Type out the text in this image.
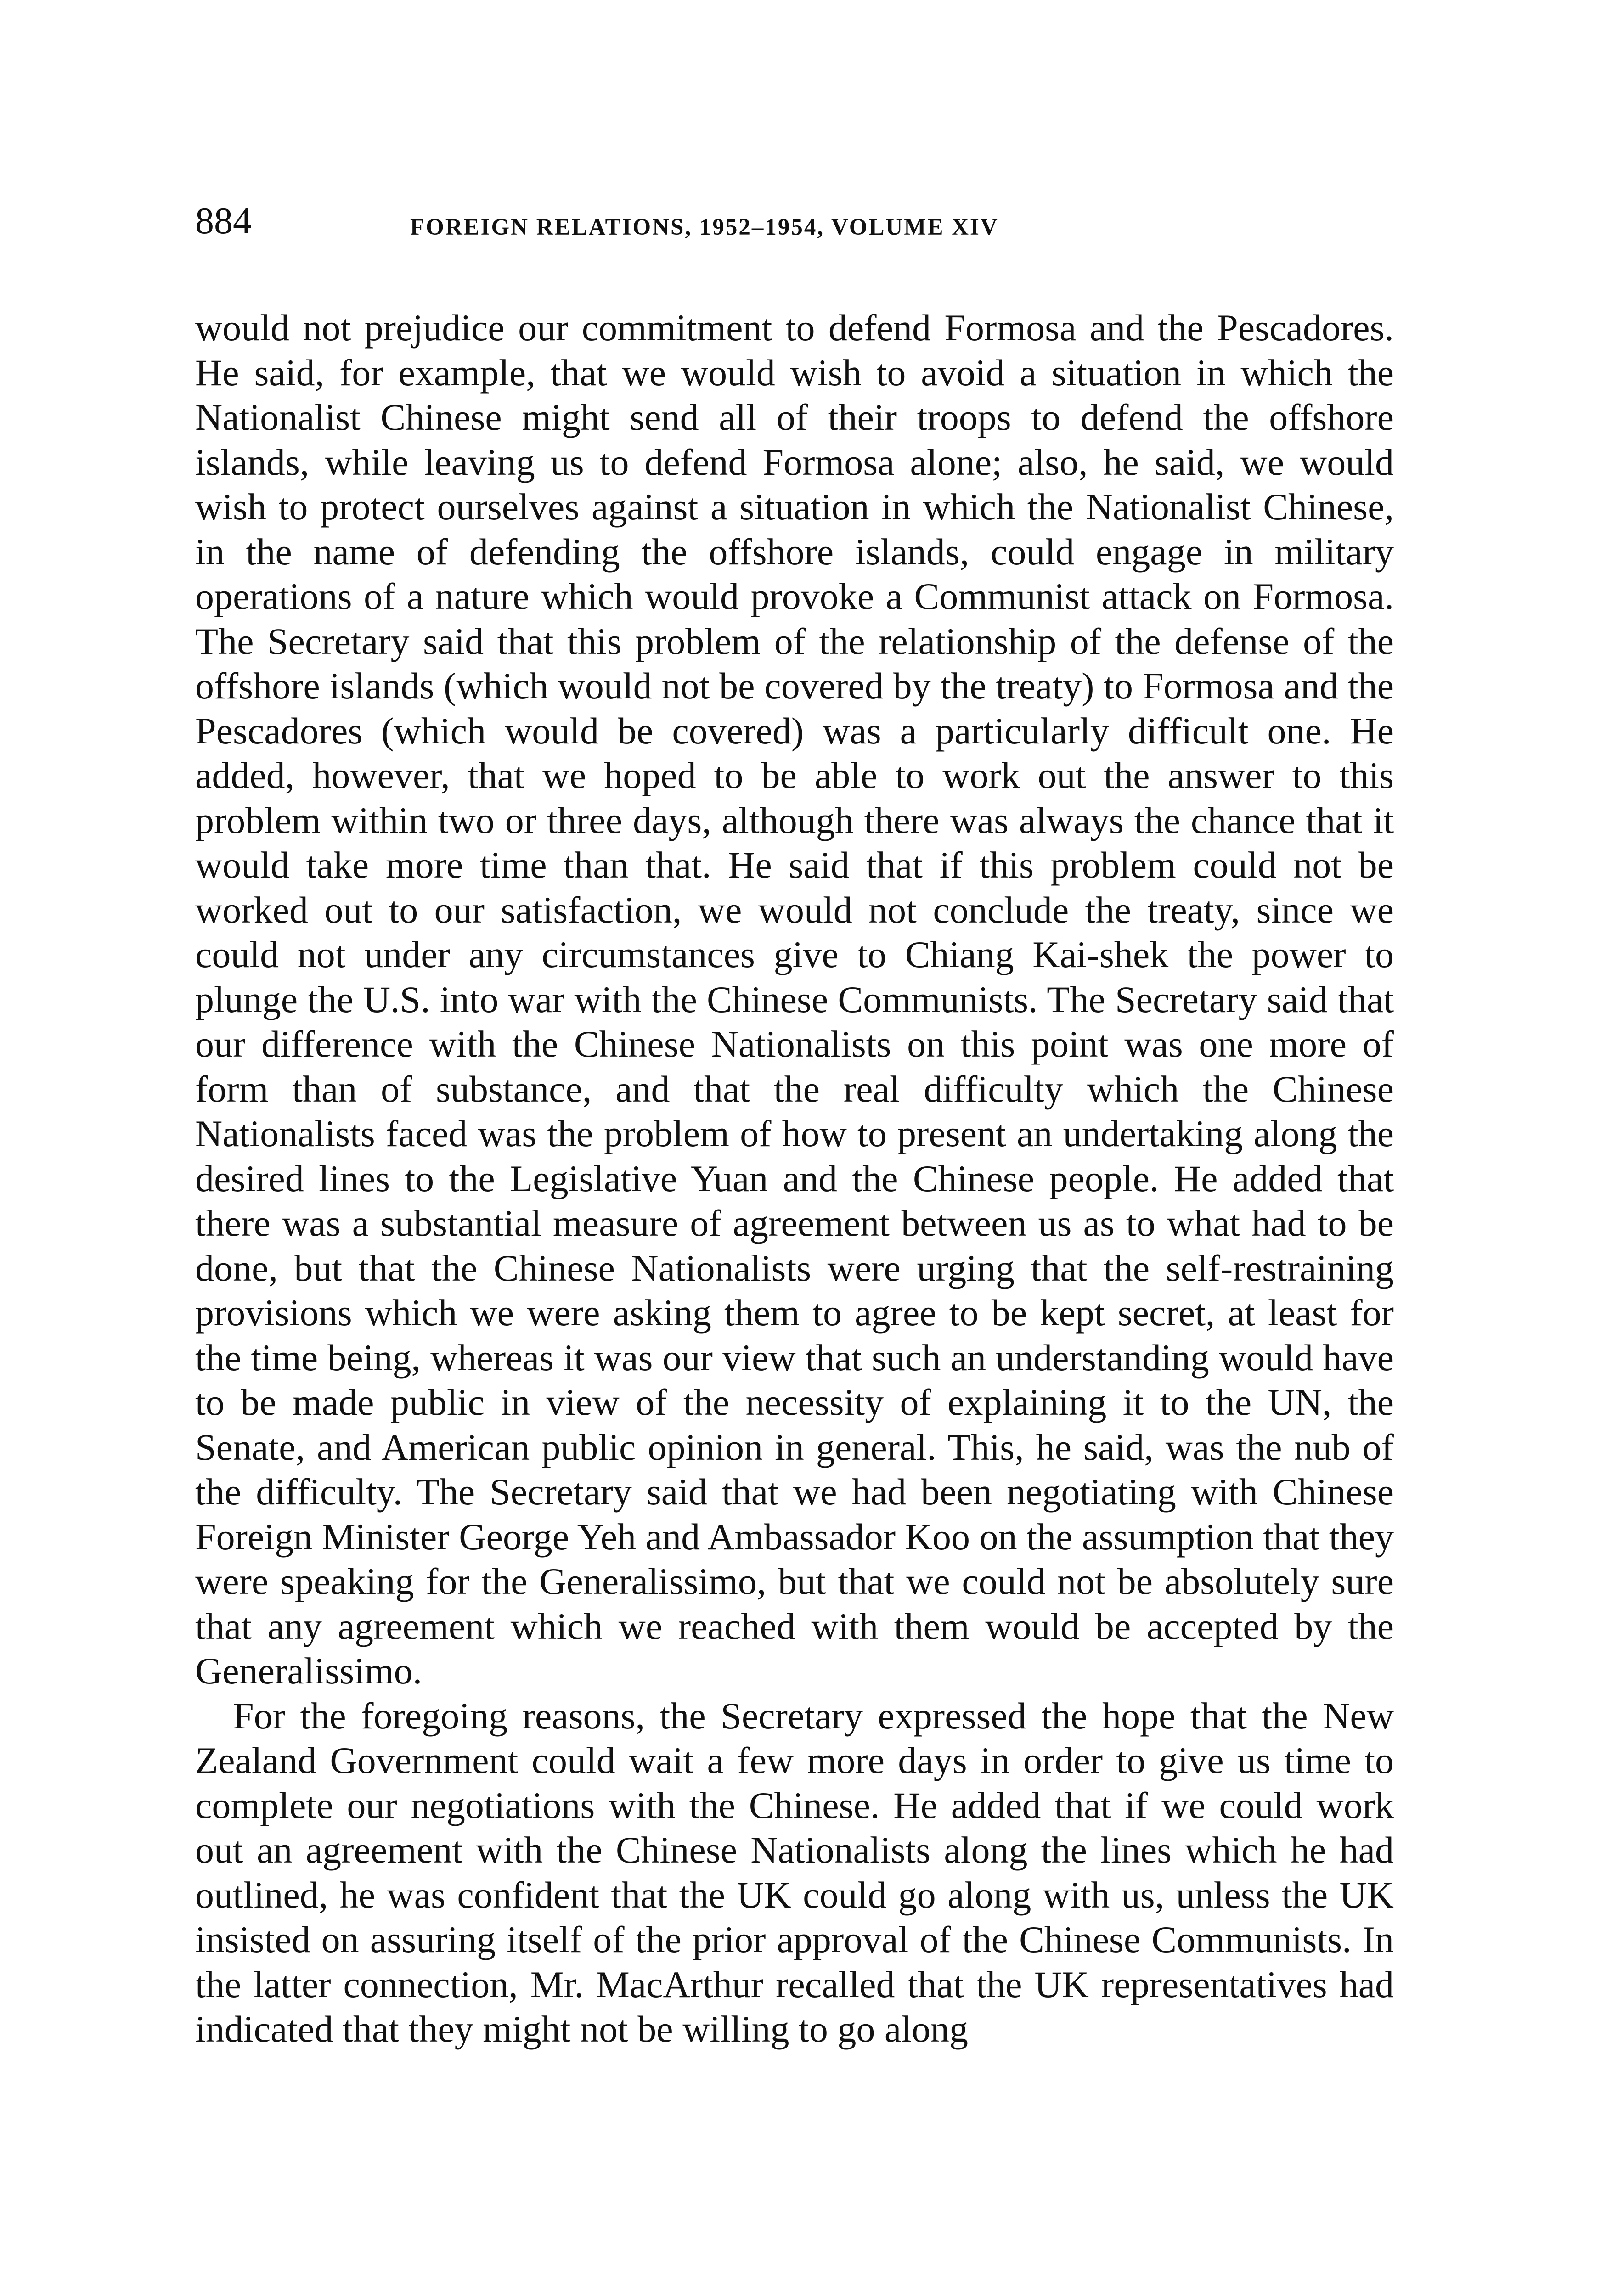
884	FOREIGN RELATIONS, 1952–1954, VOLUME XIV

would not prejudice our commitment to defend Formosa and the Pescadores. He said, for example, that we would wish to avoid a situation in which the Nationalist Chinese might send all of their troops to defend the offshore islands, while leaving us to defend Formosa alone; also, he said, we would wish to protect ourselves against a situation in which the Nationalist Chinese, in the name of defending the offshore islands, could engage in military operations of a nature which would provoke a Communist attack on Formosa. The Secretary said that this problem of the relationship of the defense of the offshore islands (which would not be covered by the treaty) to Formosa and the Pescadores (which would be covered) was a particularly difficult one. He added, however, that we hoped to be able to work out the answer to this problem within two or three days, although there was always the chance that it would take more time than that. He said that if this problem could not be worked out to our satisfaction, we would not conclude the treaty, since we could not under any circumstances give to Chiang Kai-shek the power to plunge the U.S. into war with the Chinese Communists. The Secretary said that our difference with the Chinese Nationalists on this point was one more of form than of substance, and that the real difficulty which the Chinese Nationalists faced was the problem of how to present an undertaking along the desired lines to the Legislative Yuan and the Chinese people. He added that there was a substantial measure of agreement between us as to what had to be done, but that the Chinese Nationalists were urging that the self-restraining provisions which we were asking them to agree to be kept secret, at least for the time being, whereas it was our view that such an understanding would have to be made public in view of the necessity of explaining it to the UN, the Senate, and American public opinion in general. This, he said, was the nub of the difficulty. The Secretary said that we had been negotiating with Chinese Foreign Minister George Yeh and Ambassador Koo on the assumption that they were speaking for the Generalissimo, but that we could not be absolutely sure that any agreement which we reached with them would be accepted by the Generalissimo.

For the foregoing reasons, the Secretary expressed the hope that the New Zealand Government could wait a few more days in order to give us time to complete our negotiations with the Chinese. He added that if we could work out an agreement with the Chinese Nationalists along the lines which he had outlined, he was confident that the UK could go along with us, unless the UK insisted on assuring itself of the prior approval of the Chinese Communists. In the latter connection, Mr. MacArthur recalled that the UK representatives had indicated that they might not be willing to go along
